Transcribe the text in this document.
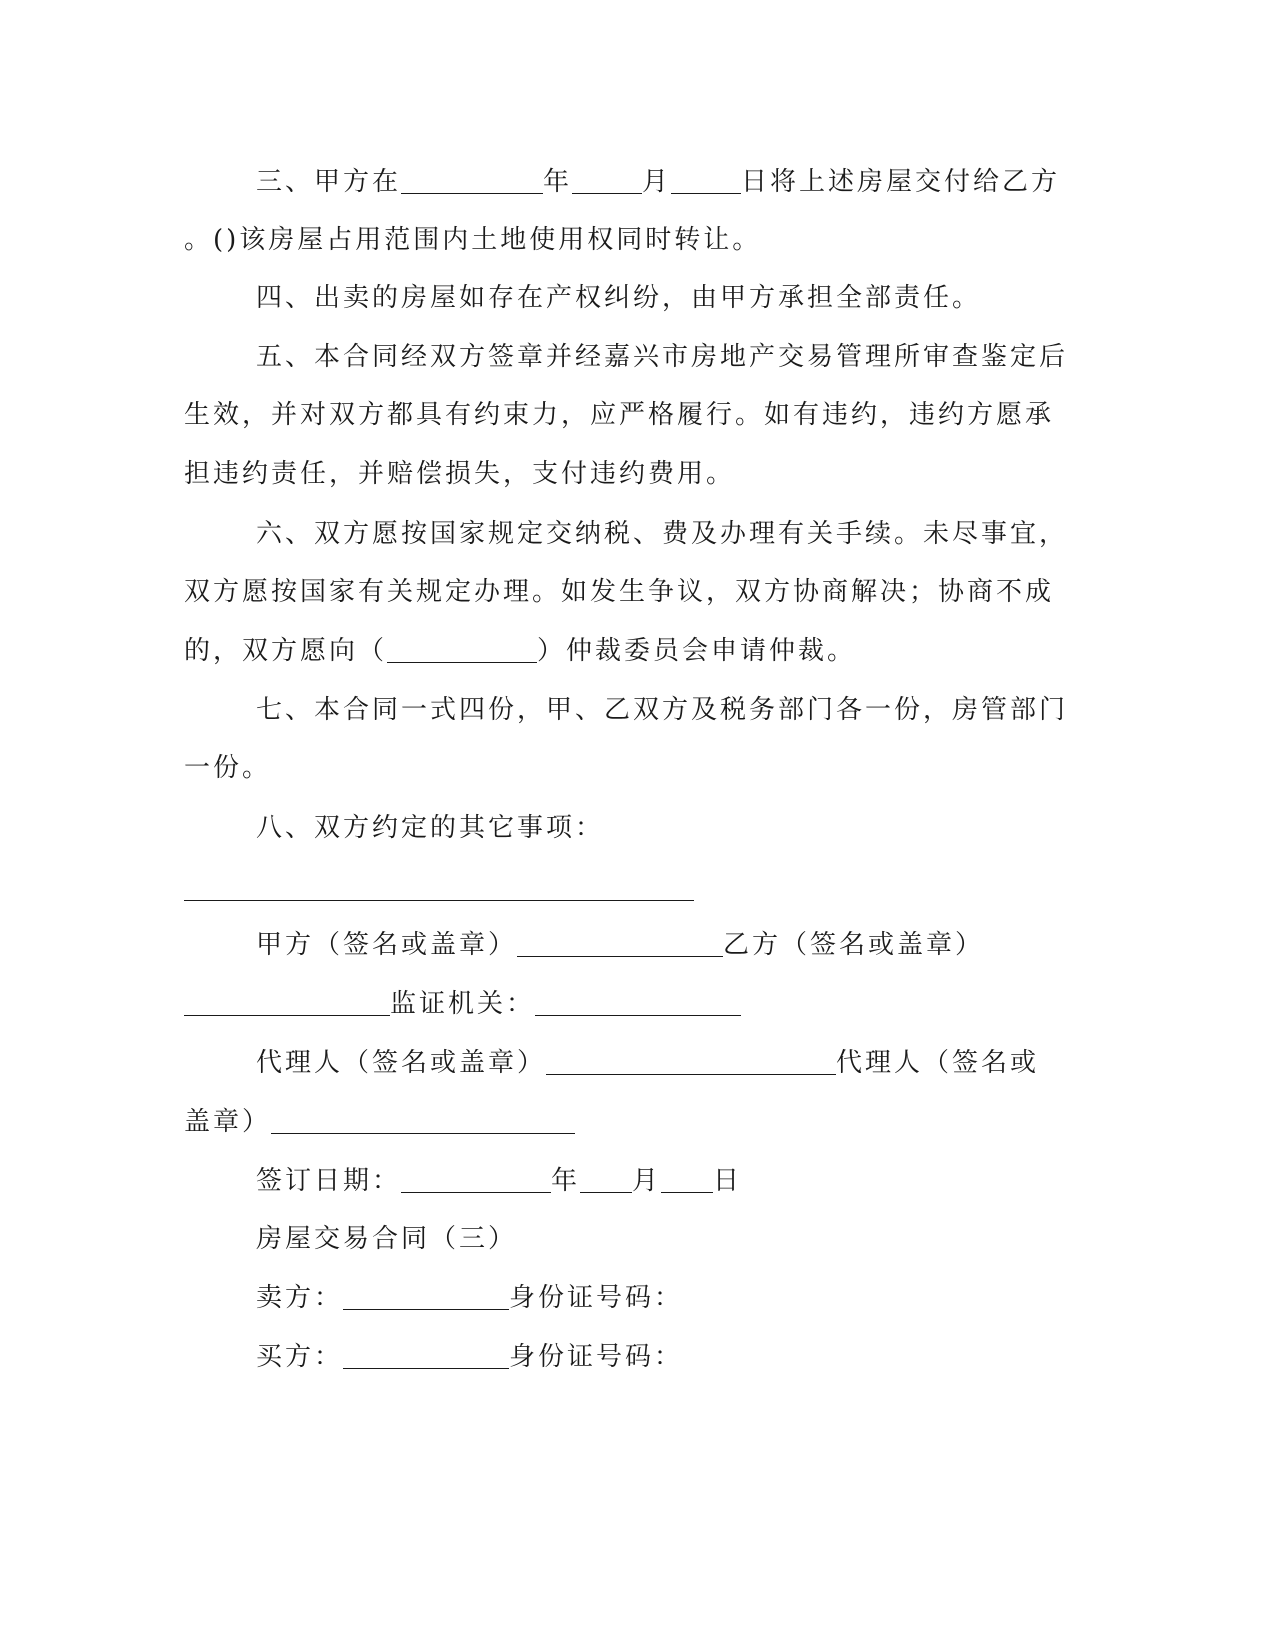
三、甲方在	年	月	日将上述房屋交付给乙方
。()该房屋占用范围内土地使用权同时转让。
四、出卖的房屋如存在产权纠纷，由甲方承担全部责任。
五、本合同经双方签章并经嘉兴市房地产交易管理所审查鉴定后
生效，并对双方都具有约束力，应严格履行。如有违约，违约方愿承
担违约责任，并赔偿损失，支付违约费用。
六、双方愿按国家规定交纳税、费及办理有关手续。未尽事宜，
双方愿按国家有关规定办理。如发生争议，双方协商解决；协商不成
的，双方愿向（	）仲裁委员会申请仲裁。
七、本合同一式四份，甲、乙双方及税务部门各一份，房管部门
一份。
八、双方约定的其它事项：
甲方（签名或盖章）	乙方（签名或盖章）
监证机关：
代理人（签名或盖章）	代理人（签名或
盖章）
签订日期：	年 月 日
房屋交易合同（三）
卖方：	身份证号码：
买方：	身份证号码：
